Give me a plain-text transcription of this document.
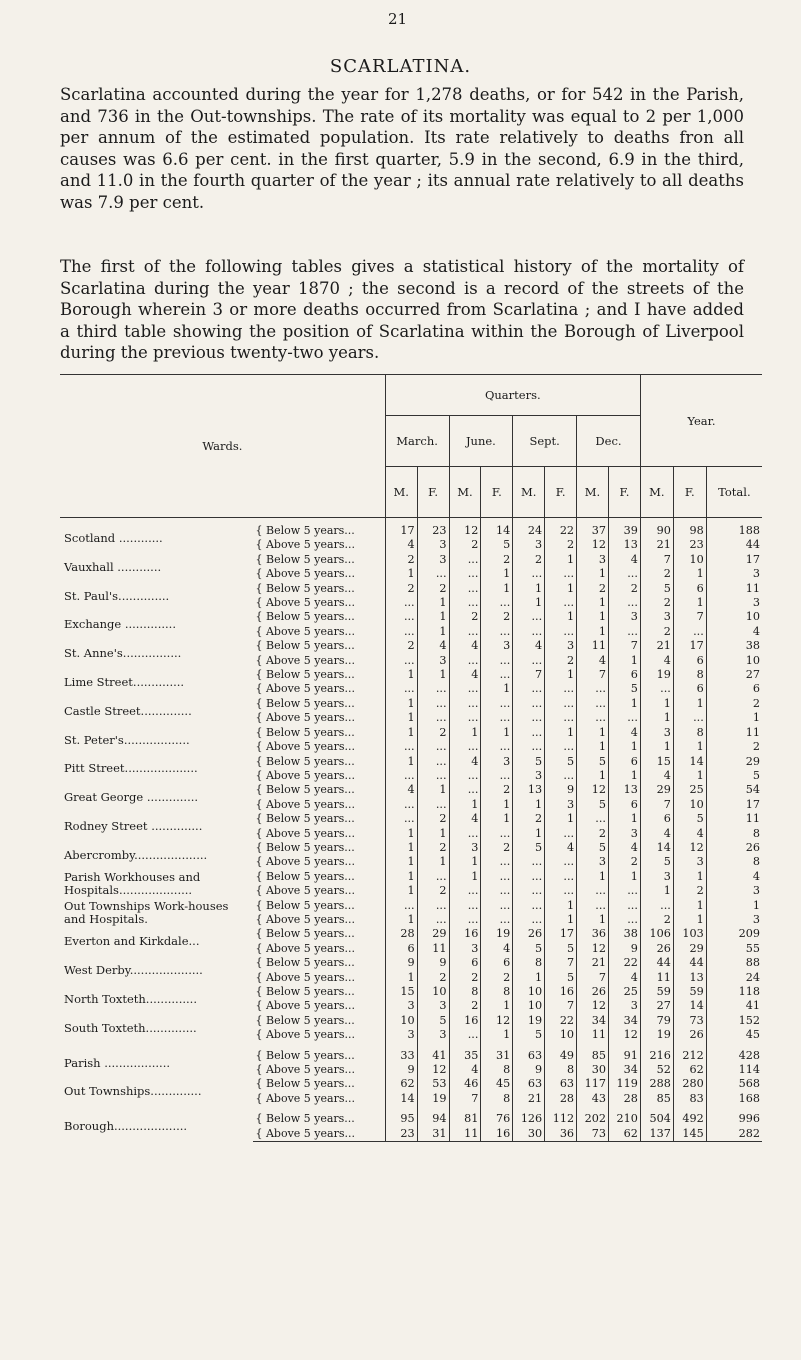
21
SCARLATINA.
Scarlatina accounted during the year for 1,278 deaths, or for 542 in the Parish, and 736 in the Out-townships. The rate of its mortality was equal to 2 per 1,000 per annum of the estimated population. Its rate relatively to deaths fron all causes was 6.6 per cent. in the first quarter, 5.9 in the second, 6.9 in the third, and 11.0 in the fourth quarter of the year ; its annual rate relatively to all deaths was 7.9 per cent.
The first of the following tables gives a statistical history of the mortality of Scarlatina during the year 1870 ; the second is a record of the streets of the Borough wherein 3 or more deaths occurred from Scarlatina ; and I have added a third table showing the position of Scarlatina within the Borough of Liverpool during the previous twenty-two years.
Wards.		Quarters.								Year.		
		March.		June.		Sept.		Dec.				
		M.	F.	M.	F.	M.	F.	M.	F.	M.	F.	Total.

Scotland ............	{ Below 5 years...	17	23	12	14	24	22	37	39	90	98	188
	{ Above 5 years...	4	3	2	5	3	2	12	13	21	23	44
Vauxhall ............	{ Below 5 years...	2	3	...	2	2	1	3	4	7	10	17
	{ Above 5 years...	1	...	...	1	...	...	1	...	2	1	3
St. Paul's..............	{ Below 5 years...	2	2	...	1	1	1	2	2	5	6	11
	{ Above 5 years...	...	1	...	...	1	...	1	...	2	1	3
Exchange ..............	{ Below 5 years...	...	1	2	2	...	1	1	3	3	7	10
	{ Above 5 years...	...	1	...	...	...	...	1	...	2	...	4
St. Anne's................	{ Below 5 years...	2	4	4	3	4	3	11	7	21	17	38
	{ Above 5 years...	...	3	...	...	...	2	4	1	4	6	10
Lime Street..............	{ Below 5 years...	1	1	4	...	7	1	7	6	19	8	27
	{ Above 5 years...	...	...	...	1	...	...	...	5	...	6	6
Castle Street..............	{ Below 5 years...	1	...	...	...	...	...	...	1	1	1	2
	{ Above 5 years...	1	...	...	...	...	...	...	...	1	...	1
St. Peter's..................	{ Below 5 years...	1	2	1	1	...	1	1	4	3	8	11
	{ Above 5 years...	...	...	...	...	...	...	1	1	1	1	2
Pitt Street....................	{ Below 5 years...	1	...	4	3	5	5	5	6	15	14	29
	{ Above 5 years...	...	...	...	...	3	...	1	1	4	1	5
Great George ..............	{ Below 5 years...	4	1	...	2	13	9	12	13	29	25	54
	{ Above 5 years...	...	...	1	1	1	3	5	6	7	10	17
Rodney Street ..............	{ Below 5 years...	...	2	4	1	2	1	...	1	6	5	11
	{ Above 5 years...	1	1	...	...	1	...	2	3	4	4	8
Abercromby....................	{ Below 5 years...	1	2	3	2	5	4	5	4	14	12	26
	{ Above 5 years...	1	1	1	...	...	...	3	2	5	3	8
Parish Workhouses and Hospitals....................	{ Below 5 years...	1	...	1	...	...	...	1	1	3	1	4
	{ Above 5 years...	1	2	...	...	...	...	...	...	1	2	3
Out Townships Work-houses and Hospitals.	{ Below 5 years...	...	...	...	...	...	1	...	...	...	1	1
	{ Above 5 years...	1	...	...	...	...	1	1	...	2	1	3
Everton and Kirkdale...	{ Below 5 years...	28	29	16	19	26	17	36	38	106	103	209
	{ Above 5 years...	6	11	3	4	5	5	12	9	26	29	55
West Derby....................	{ Below 5 years...	9	9	6	6	8	7	21	22	44	44	88
	{ Above 5 years...	1	2	2	2	1	5	7	4	11	13	24
North Toxteth..............	{ Below 5 years...	15	10	8	8	10	16	26	25	59	59	118
	{ Above 5 years...	3	3	2	1	10	7	12	3	27	14	41
South Toxteth..............	{ Below 5 years...	10	5	16	12	19	22	34	34	79	73	152
	{ Above 5 years...	3	3	...	1	5	10	11	12	19	26	45

Parish ..................	{ Below 5 years...	33	41	35	31	63	49	85	91	216	212	428
	{ Above 5 years...	9	12	4	8	9	8	30	34	52	62	114
Out Townships..............	{ Below 5 years...	62	53	46	45	63	63	117	119	288	280	568
	{ Above 5 years...	14	19	7	8	21	28	43	28	85	83	168

Borough....................	{ Below 5 years...	95	94	81	76	126	112	202	210	504	492	996
	{ Above 5 years...	23	31	11	16	30	36	73	62	137	145	282
